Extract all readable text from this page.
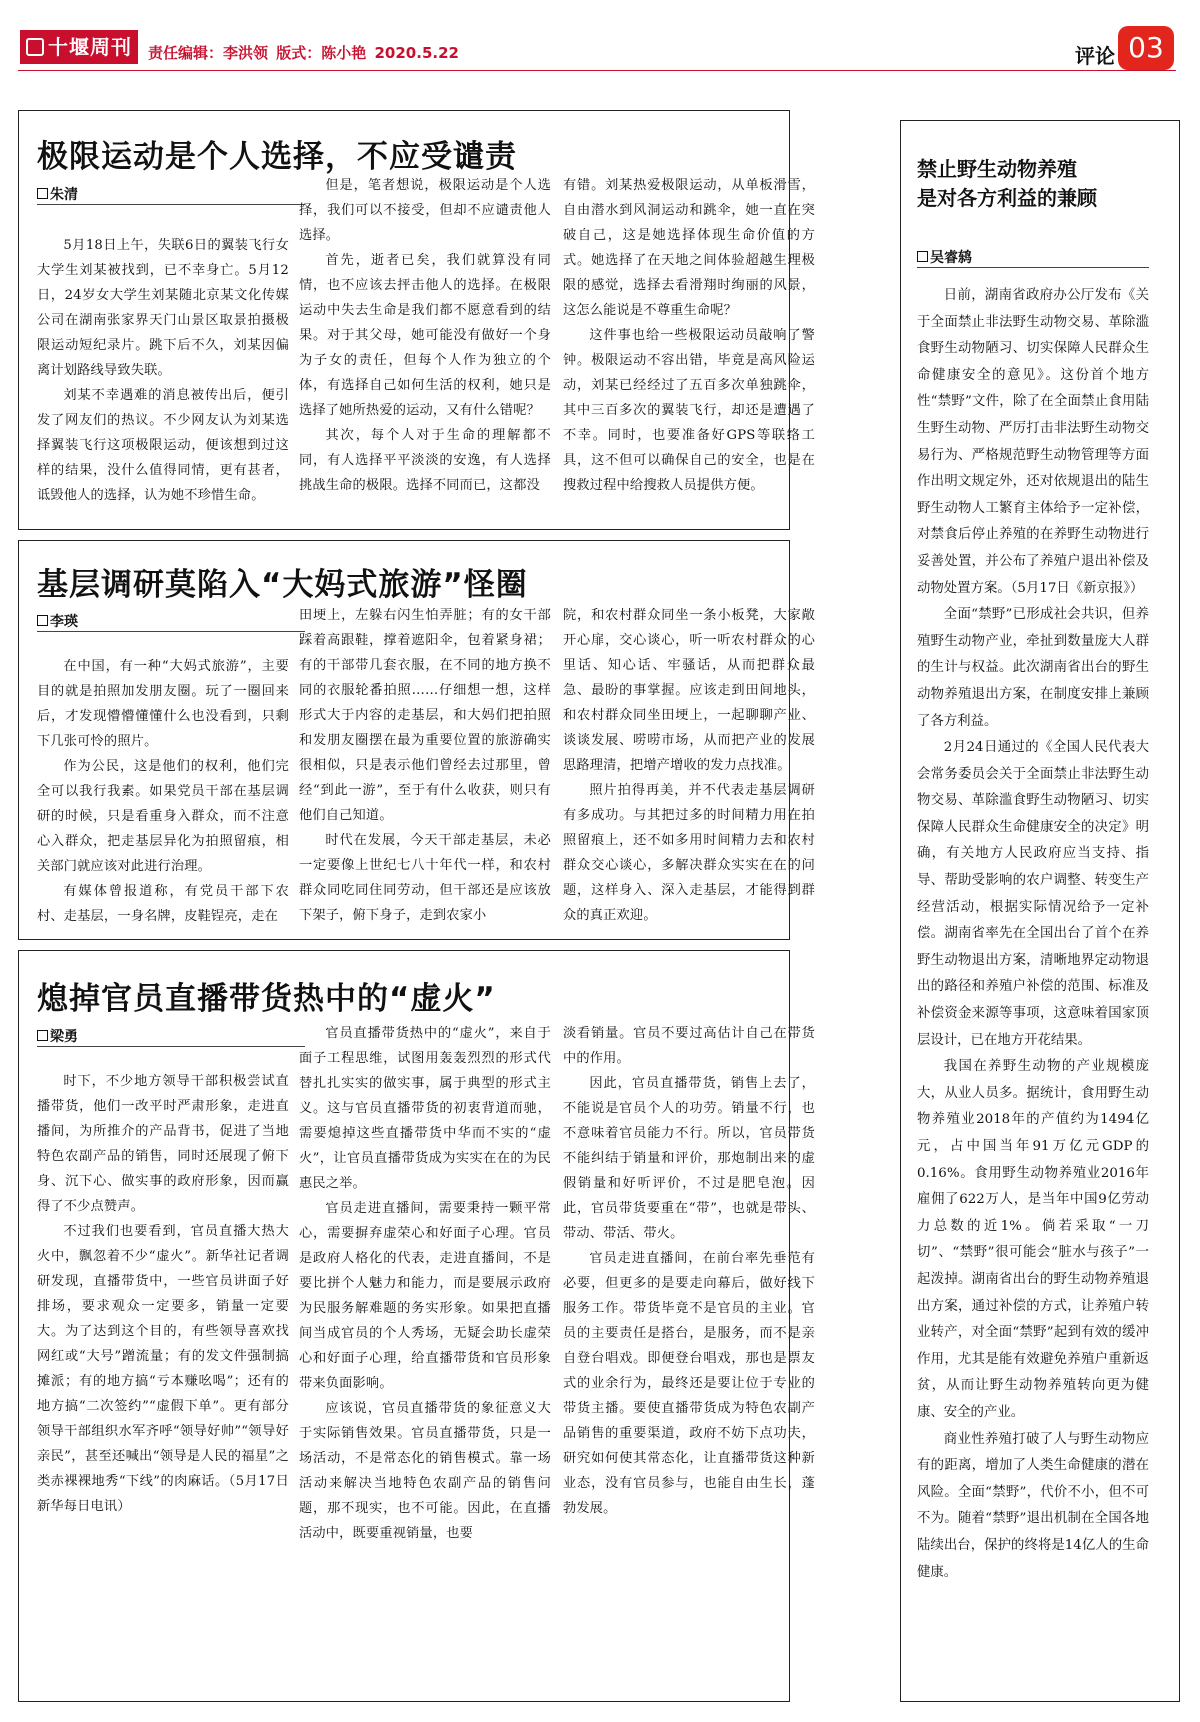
十堰周刊	责任编辑：李洪领 版式：陈小艳 2020.5.22	评论 03
极限运动是个人选择，不应受谴责
朱清

5月18日上午，失联6日的翼装飞行女大学生刘某被找到，已不幸身亡。5月12日，24岁女大学生刘某随北京某文化传媒公司在湖南张家界天门山景区取景拍摄极限运动短纪录片。跳下后不久，刘某因偏离计划路线导致失联。

刘某不幸遇难的消息被传出后，便引发了网友们的热议。不少网友认为刘某选择翼装飞行这项极限运动，便该想到过这样的结果，没什么值得同情，更有甚者，诋毁他人的选择，认为她不珍惜生命。

但是，笔者想说，极限运动是个人选择，我们可以不接受，但却不应谴责他人选择。

首先，逝者已矣，我们就算没有同情，也不应该去抨击他人的选择。在极限运动中失去生命是我们都不愿意看到的结果。对于其父母，她可能没有做好一个身为子女的责任，但每个人作为独立的个体，有选择自己如何生活的权利，她只是选择了她所热爱的运动，又有什么错呢？

其次，每个人对于生命的理解都不同，有人选择平平淡淡的安逸，有人选择挑战生命的极限。选择不同而已，这都没

有错。刘某热爱极限运动，从单板滑雪，自由潜水到风洞运动和跳伞，她一直在突破自己，这是她选择体现生命价值的方式。她选择了在天地之间体验超越生理极限的感觉，选择去看滑翔时绚丽的风景，这怎么能说是不尊重生命呢？

这件事也给一些极限运动员敲响了警钟。极限运动不容出错，毕竟是高风险运动，刘某已经经过了五百多次单独跳伞，其中三百多次的翼装飞行，却还是遭遇了不幸。同时，也要准备好GPS等联络工具，这不但可以确保自己的安全，也是在搜救过程中给搜救人员提供方便。

基层调研莫陷入“大妈式旅游”怪圈
李瑛

在中国，有一种“大妈式旅游”，主要目的就是拍照加发朋友圈。玩了一圈回来后，才发现懵懵懂懂什么也没看到，只剩下几张可怜的照片。

作为公民，这是他们的权利，他们完全可以我行我素。如果党员干部在基层调研的时候，只是看重身入群众，而不注意心入群众，把走基层异化为拍照留痕，相关部门就应该对此进行治理。

有媒体曾报道称，有党员干部下农村、走基层，一身名牌，皮鞋锃亮，走在

田埂上，左躲右闪生怕弄脏；有的女干部踩着高跟鞋，撑着遮阳伞，包着紧身裙；有的干部带几套衣服，在不同的地方换不同的衣服轮番拍照……仔细想一想，这样形式大于内容的走基层，和大妈们把拍照和发朋友圈摆在最为重要位置的旅游确实很相似，只是表示他们曾经去过那里，曾经“到此一游”，至于有什么收获，则只有他们自己知道。

时代在发展，今天干部走基层，未必一定要像上世纪七八十年代一样，和农村群众同吃同住同劳动，但干部还是应该放下架子，俯下身子，走到农家小

院，和农村群众同坐一条小板凳，大家敞开心扉，交心谈心，听一听农村群众的心里话、知心话、牢骚话，从而把群众最急、最盼的事掌握。应该走到田间地头，和农村群众同坐田埂上，一起聊聊产业、谈谈发展、唠唠市场，从而把产业的发展思路理清，把增产增收的发力点找准。

照片拍得再美，并不代表走基层调研有多成功。与其把过多的时间精力用在拍照留痕上，还不如多用时间精力去和农村群众交心谈心，多解决群众实实在在的问题，这样身入、深入走基层，才能得到群众的真正欢迎。

熄掉官员直播带货热中的“虚火”
梁勇

时下，不少地方领导干部积极尝试直播带货，他们一改平时严肃形象，走进直播间，为所推介的产品背书，促进了当地特色农副产品的销售，同时还展现了俯下身、沉下心、做实事的政府形象，因而赢得了不少点赞声。

不过我们也要看到，官员直播大热大火中，飘忽着不少“虚火”。新华社记者调研发现，直播带货中，一些官员讲面子好排场，要求观众一定要多，销量一定要大。为了达到这个目的，有些领导喜欢找网红或“大号”蹭流量；有的发文件强制搞摊派；有的地方搞“亏本赚吆喝”；还有的地方搞“二次签约”“虚假下单”。更有部分领导干部组织水军齐呼“领导好帅”“领导好亲民”，甚至还喊出“领导是人民的福星”之类赤裸裸地秀“下线”的肉麻话。（5月17日新华每日电讯）

官员直播带货热中的“虚火”，来自于面子工程思维，试图用轰轰烈烈的形式代替扎扎实实的做实事，属于典型的形式主义。这与官员直播带货的初衷背道而驰，需要熄掉这些直播带货中华而不实的“虚火”，让官员直播带货成为实实在在的为民惠民之举。

官员走进直播间，需要秉持一颗平常心，需要摒弃虚荣心和好面子心理。官员是政府人格化的代表，走进直播间，不是要比拼个人魅力和能力，而是要展示政府为民服务解难题的务实形象。如果把直播间当成官员的个人秀场，无疑会助长虚荣心和好面子心理，给直播带货和官员形象带来负面影响。

应该说，官员直播带货的象征意义大于实际销售效果。官员直播带货，只是一场活动，不是常态化的销售模式。靠一场活动来解决当地特色农副产品的销售问题，那不现实，也不可能。因此，在直播活动中，既要重视销量，也要

淡看销量。官员不要过高估计自己在带货中的作用。

因此，官员直播带货，销售上去了，不能说是官员个人的功劳。销量不行，也不意味着官员能力不行。所以，官员带货不能纠结于销量和评价，那炮制出来的虚假销量和好听评价，不过是肥皂泡。因此，官员带货要重在“带”，也就是带头、带动、带活、带火。

官员走进直播间，在前台率先垂范有必要，但更多的是要走向幕后，做好线下服务工作。带货毕竟不是官员的主业。官员的主要责任是搭台，是服务，而不是亲自登台唱戏。即便登台唱戏，那也是票友式的业余行为，最终还是要让位于专业的带货主播。要使直播带货成为特色农副产品销售的重要渠道，政府不妨下点功夫，研究如何使其常态化，让直播带货这种新业态，没有官员参与，也能自由生长，蓬勃发展。

禁止野生动物养殖
是对各方利益的兼顾
吴睿鸫

日前，湖南省政府办公厅发布《关于全面禁止非法野生动物交易、革除滥食野生动物陋习、切实保障人民群众生命健康安全的意见》。这份首个地方性“禁野”文件，除了在全面禁止食用陆生野生动物、严厉打击非法野生动物交易行为、严格规范野生动物管理等方面作出明文规定外，还对依规退出的陆生野生动物人工繁育主体给予一定补偿，对禁食后停止养殖的在养野生动物进行妥善处置，并公布了养殖户退出补偿及动物处置方案。（5月17日《新京报》）

全面“禁野”已形成社会共识，但养殖野生动物产业，牵扯到数量庞大人群的生计与权益。此次湖南省出台的野生动物养殖退出方案，在制度安排上兼顾了各方利益。

2月24日通过的《全国人民代表大会常务委员会关于全面禁止非法野生动物交易、革除滥食野生动物陋习、切实保障人民群众生命健康安全的决定》明确，有关地方人民政府应当支持、指导、帮助受影响的农户调整、转变生产经营活动，根据实际情况给予一定补偿。湖南省率先在全国出台了首个在养野生动物退出方案，清晰地界定动物退出的路径和养殖户补偿的范围、标准及补偿资金来源等事项，这意味着国家顶层设计，已在地方开花结果。

我国在养野生动物的产业规模庞大，从业人员多。据统计，食用野生动物养殖业2018年的产值约为1494亿元，占中国当年91万亿元GDP的0.16%。食用野生动物养殖业2016年雇佣了622万人，是当年中国9亿劳动力总数的近1%。倘若采取“一刀切”、“禁野”很可能会“脏水与孩子”一起泼掉。湖南省出台的野生动物养殖退出方案，通过补偿的方式，让养殖户转业转产，对全面“禁野”起到有效的缓冲作用，尤其是能有效避免养殖户重新返贫，从而让野生动物养殖转向更为健康、安全的产业。

商业性养殖打破了人与野生动物应有的距离，增加了人类生命健康的潜在风险。全面“禁野”，代价不小，但不可不为。随着“禁野”退出机制在全国各地陆续出台，保护的终将是14亿人的生命健康。
